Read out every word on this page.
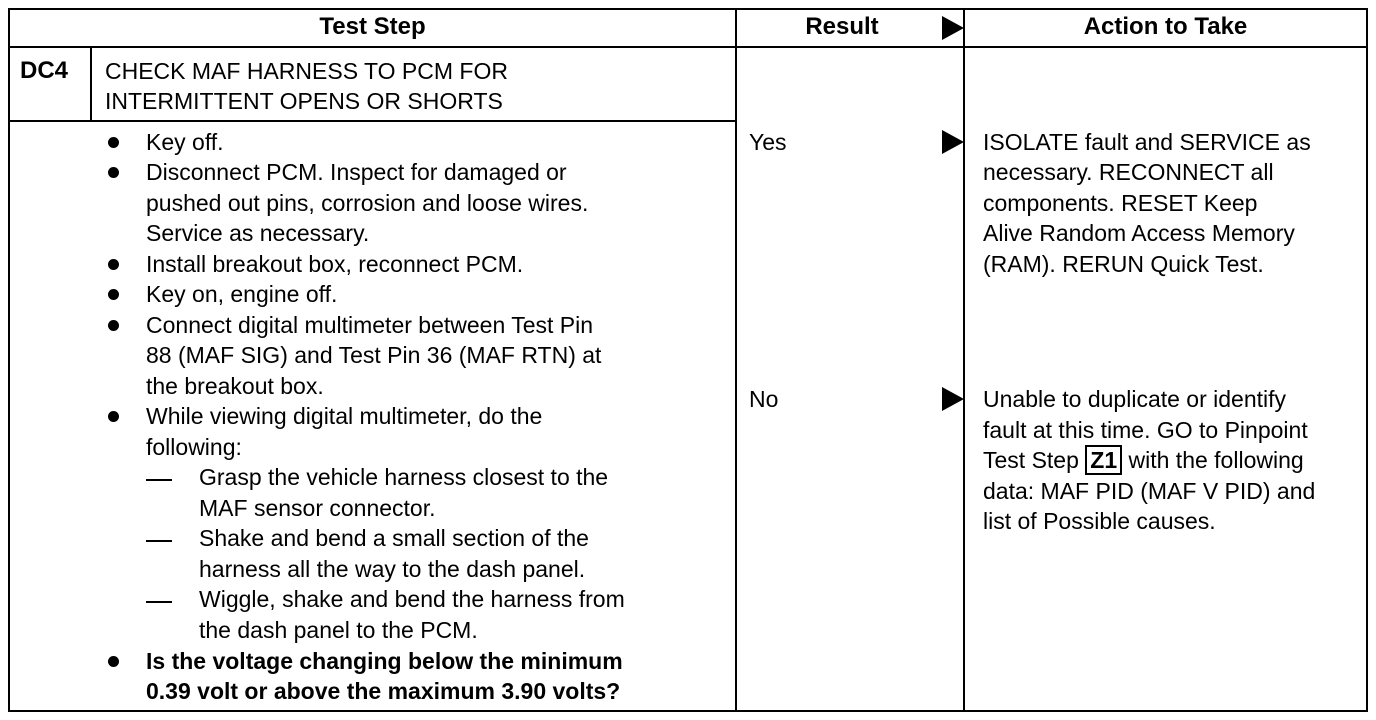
Test Step	Result	Action to Take
DC4 CHECK MAF HARNESS TO PCM FOR
INTERMITTENT OPENS OR SHORTS
Key off.
Disconnect PCM. Inspect for damaged or
pushed out pins, corrosion and loose wires.
Service as necessary.
Install breakout box, reconnect PCM.
Key on, engine off.
Connect digital multimeter between Test Pin
88 (MAF SIG) and Test Pin 36 (MAF RTN) at
the breakout box.
While viewing digital multimeter, do the
following:
Grasp the vehicle harness closest to the
MAF sensor connector.
Shake and bend a small section of the
harness all the way to the dash panel.
Wiggle, shake and bend the harness from
the dash panel to the PCM.
Is the voltage changing below the minimum
0.39 volt or above the maximum 3.90 volts?
Yes
No
ISOLATE fault and SERVICE as
necessary. RECONNECT all
components. RESET Keep
Alive Random Access Memory
(RAM). RERUN Quick Test.
Unable to duplicate or identify
fault at this time. GO to Pinpoint
Test Step Z1 with the following
data: MAF PID (MAF V PID) and
list of Possible causes.
